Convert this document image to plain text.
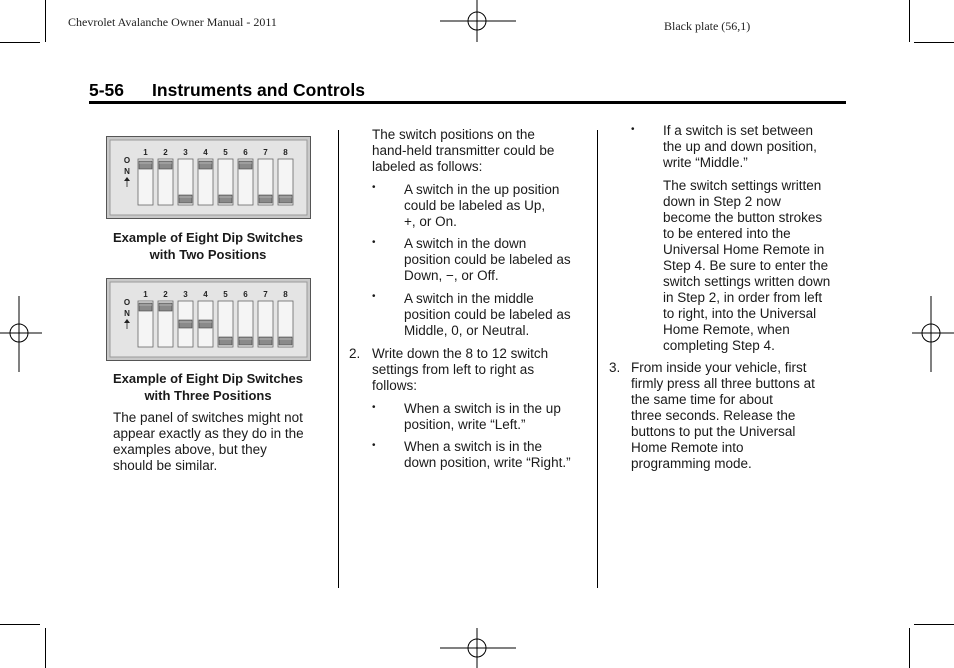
Chevrolet Avalanche Owner Manual - 2011	Black plate (56,1)
5-56 Instruments and Controls
O
N
1 2 3 4 5 6 7 8
Example of Eight Dip Switches
with Two Positions
O
N
1 2 3 4 5 6 7 8
Example of Eight Dip Switches
with Three Positions
The panel of switches might not
appear exactly as they do in the
examples above, but they
should be similar.
The switch positions on the
hand-held transmitter could be
labeled as follows:
• A switch in the up position
could be labeled as Up,
+, or On.
• A switch in the down
position could be labeled as
Down, −, or Off.
• A switch in the middle
position could be labeled as
Middle, 0, or Neutral.
2. Write down the 8 to 12 switch
settings from left to right as
follows:
• When a switch is in the up
position, write “Left.”
• When a switch is in the
down position, write “Right.”
• If a switch is set between
the up and down position,
write “Middle.”
The switch settings written
down in Step 2 now
become the button strokes
to be entered into the
Universal Home Remote in
Step 4. Be sure to enter the
switch settings written down
in Step 2, in order from left
to right, into the Universal
Home Remote, when
completing Step 4.
3. From inside your vehicle, first
firmly press all three buttons at
the same time for about
three seconds. Release the
buttons to put the Universal
Home Remote into
programming mode.
